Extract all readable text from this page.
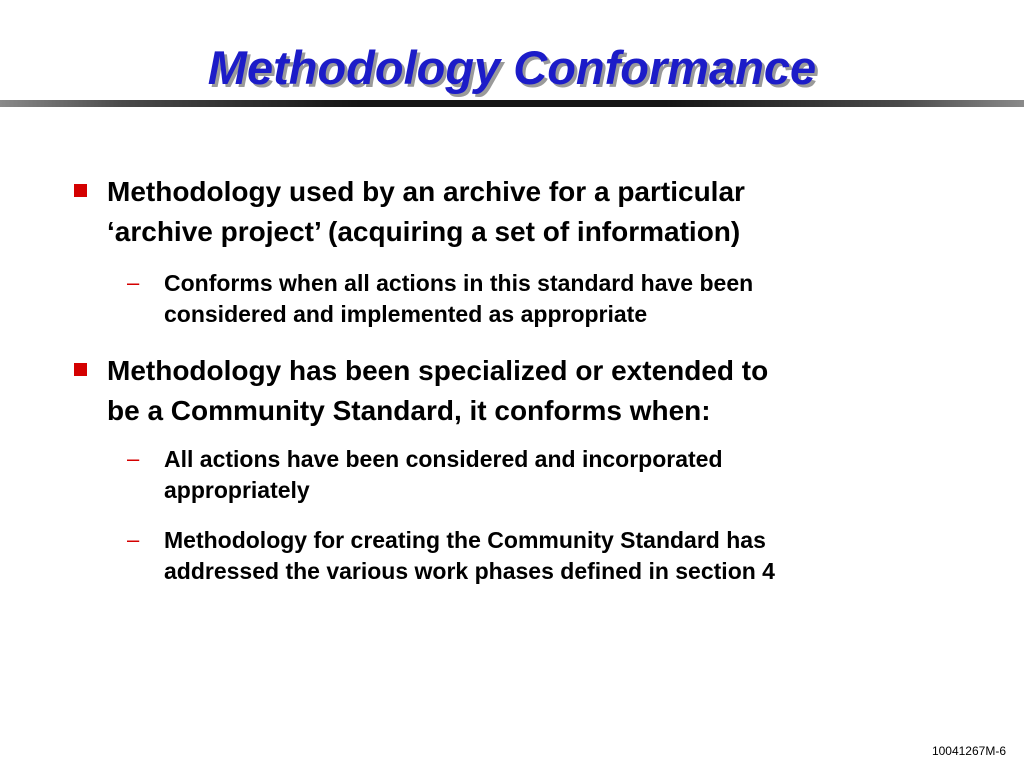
Methodology Conformance
Methodology used by an archive for a particular
‘archive project’ (acquiring a set of information)
– Conforms when all actions in this standard have been
considered and implemented as appropriate
Methodology has been specialized or extended to
be a Community Standard, it conforms when:
– All actions have been considered and incorporated
appropriately
– Methodology for creating the Community Standard has
addressed the various work phases defined in section 4
10041267M-6
